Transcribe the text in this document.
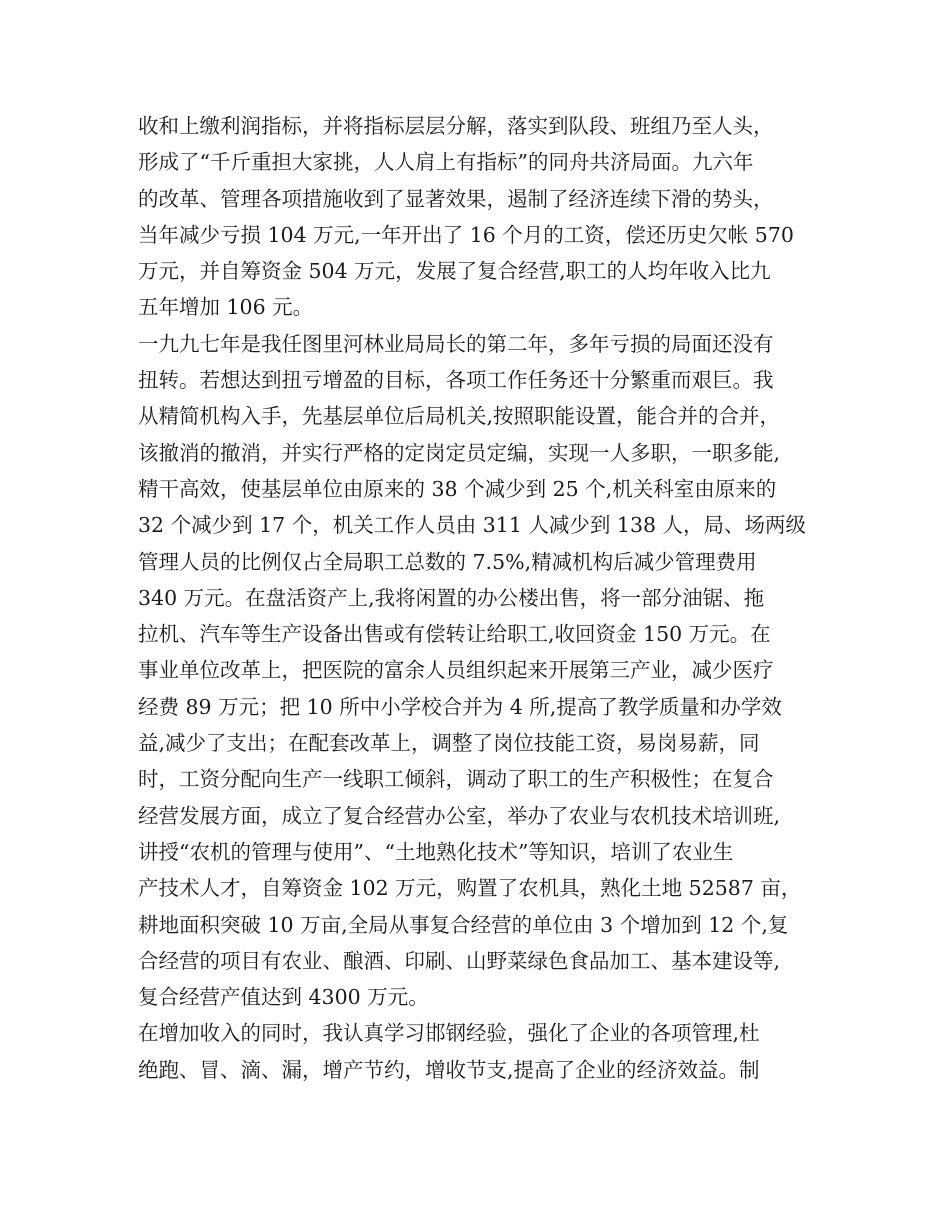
收和上缴利润指标，并将指标层层分解，落实到队段、班组乃至人头，
形成了“千斤重担大家挑，人人肩上有指标”的同舟共济局面。九六年
的改革、管理各项措施收到了显著效果，遏制了经济连续下滑的势头，
当年减少亏损 104 万元,一年开出了 16 个月的工资，偿还历史欠帐 570
万元，并自筹资金 504 万元，发展了复合经营,职工的人均年收入比九
五年增加 106 元。
一九九七年是我任图里河林业局局长的第二年，多年亏损的局面还没有
扭转。若想达到扭亏增盈的目标，各项工作任务还十分繁重而艰巨。我
从精简机构入手，先基层单位后局机关,按照职能设置，能合并的合并，
该撤消的撤消，并实行严格的定岗定员定编，实现一人多职，一职多能,
精干高效，使基层单位由原来的 38 个减少到 25 个,机关科室由原来的
32 个减少到 17 个，机关工作人员由 311 人减少到 138 人，局、场两级
管理人员的比例仅占全局职工总数的 7.5%,精减机构后减少管理费用
340 万元。在盘活资产上,我将闲置的办公楼出售，将一部分油锯、拖
拉机、汽车等生产设备出售或有偿转让给职工,收回资金 150 万元。在
事业单位改革上，把医院的富余人员组织起来开展第三产业，减少医疗
经费 89 万元；把 10 所中小学校合并为 4 所,提高了教学质量和办学效
益,减少了支出；在配套改革上，调整了岗位技能工资，易岗易薪，同
时，工资分配向生产一线职工倾斜，调动了职工的生产积极性；在复合
经营发展方面，成立了复合经营办公室，举办了农业与农机技术培训班,
讲授“农机的管理与使用”、“土地熟化技术”等知识，培训了农业生
产技术人才，自筹资金 102 万元，购置了农机具，熟化土地 52587 亩，
耕地面积突破 10 万亩,全局从事复合经营的单位由 3 个增加到 12 个,复
合经营的项目有农业、酿酒、印刷、山野菜绿色食品加工、基本建设等,
复合经营产值达到 4300 万元。
在增加收入的同时，我认真学习邯钢经验，强化了企业的各项管理,杜
绝跑、冒、滴、漏，增产节约，增收节支,提高了企业的经济效益。制
